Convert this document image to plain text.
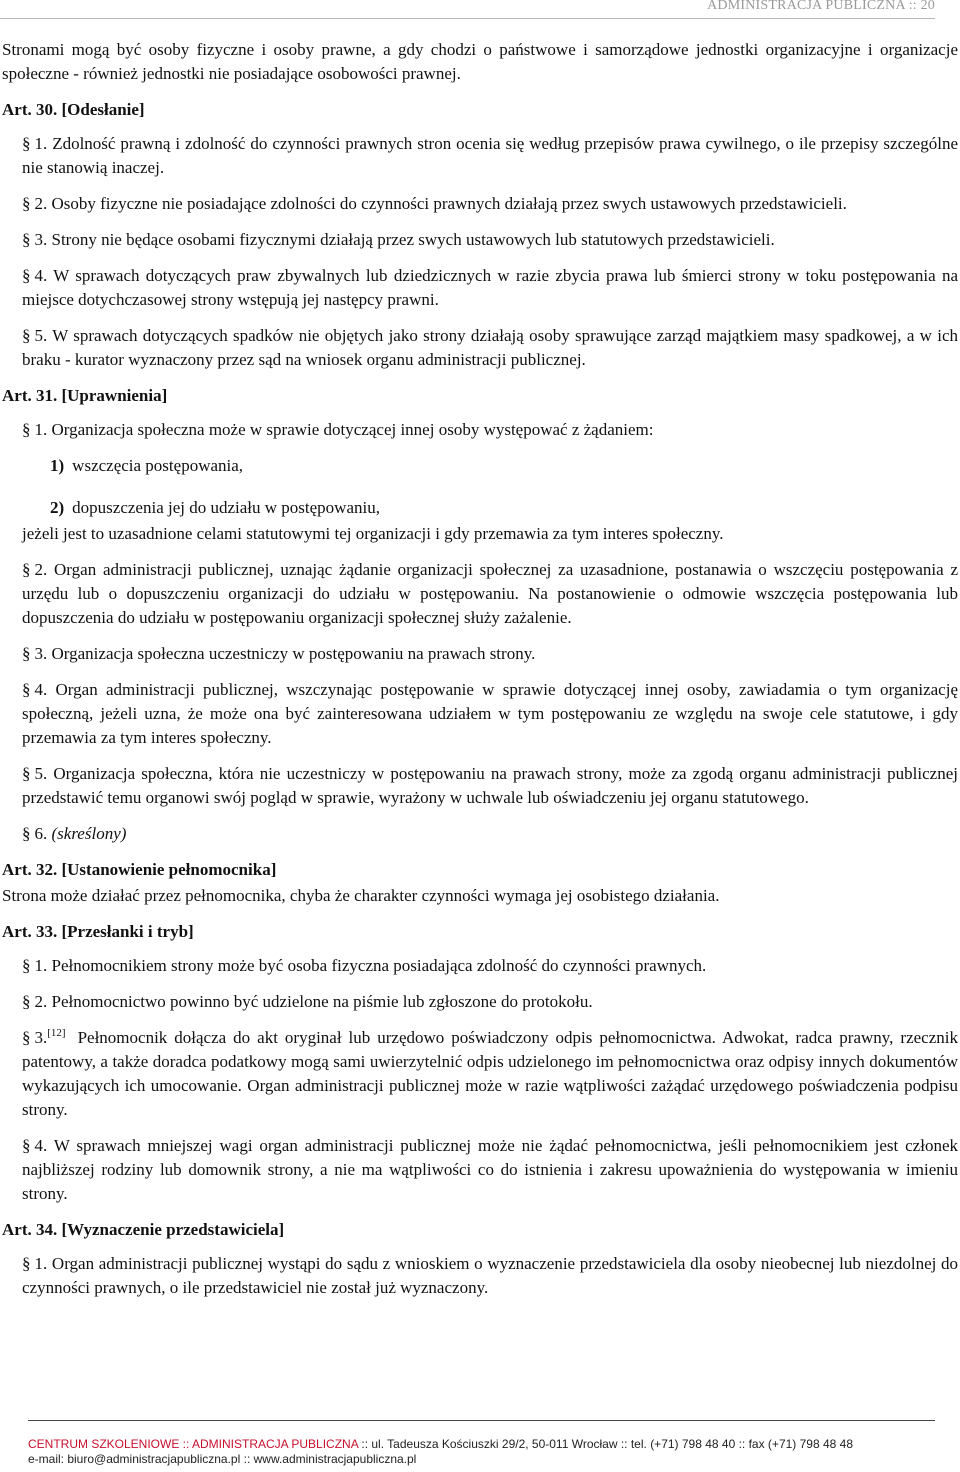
ADMINISTRACJA PUBLICZNA :: 20

Stronami mogą być osoby fizyczne i osoby prawne, a gdy chodzi o państwowe i samorządowe jednostki organizacyjne i organizacje społeczne - również jednostki nie posiadające osobowości prawnej.

Art. 30. [Odesłanie]

§ 1. Zdolność prawną i zdolność do czynności prawnych stron ocenia się według przepisów prawa cywilnego, o ile przepisy szczególne nie stanowią inaczej.

§ 2. Osoby fizyczne nie posiadające zdolności do czynności prawnych działają przez swych ustawowych przedstawicieli.

§ 3. Strony nie będące osobami fizycznymi działają przez swych ustawowych lub statutowych przedstawicieli.

§ 4. W sprawach dotyczących praw zbywalnych lub dziedzicznych w razie zbycia prawa lub śmierci strony w toku postępowania na miejsce dotychczasowej strony wstępują jej następcy prawni.

§ 5. W sprawach dotyczących spadków nie objętych jako strony działają osoby sprawujące zarząd majątkiem masy spadkowej, a w ich braku - kurator wyznaczony przez sąd na wniosek organu administracji publicznej.

Art. 31. [Uprawnienia]

§ 1. Organizacja społeczna może w sprawie dotyczącej innej osoby występować z żądaniem:

1) wszczęcia postępowania,
2) dopuszczenia jej do udziału w postępowaniu,

jeżeli jest to uzasadnione celami statutowymi tej organizacji i gdy przemawia za tym interes społeczny.

§ 2. Organ administracji publicznej, uznając żądanie organizacji społecznej za uzasadnione, postanawia o wszczęciu postępowania z urzędu lub o dopuszczeniu organizacji do udziału w postępowaniu. Na postanowienie o odmowie wszczęcia postępowania lub dopuszczenia do udziału w postępowaniu organizacji społecznej służy zażalenie.

§ 3. Organizacja społeczna uczestniczy w postępowaniu na prawach strony.

§ 4. Organ administracji publicznej, wszczynając postępowanie w sprawie dotyczącej innej osoby, zawiadamia o tym organizację społeczną, jeżeli uzna, że może ona być zainteresowana udziałem w tym postępowaniu ze względu na swoje cele statutowe, i gdy przemawia za tym interes społeczny.

§ 5. Organizacja społeczna, która nie uczestniczy w postępowaniu na prawach strony, może za zgodą organu administracji publicznej przedstawić temu organowi swój pogląd w sprawie, wyrażony w uchwale lub oświadczeniu jej organu statutowego.

§ 6. (skreślony)

Art. 32. [Ustanowienie pełnomocnika]

Strona może działać przez pełnomocnika, chyba że charakter czynności wymaga jej osobistego działania.

Art. 33. [Przesłanki i tryb]

§ 1. Pełnomocnikiem strony może być osoba fizyczna posiadająca zdolność do czynności prawnych.

§ 2. Pełnomocnictwo powinno być udzielone na piśmie lub zgłoszone do protokołu.

§ 3.[12] Pełnomocnik dołącza do akt oryginał lub urzędowo poświadczony odpis pełnomocnictwa. Adwokat, radca prawny, rzecznik patentowy, a także doradca podatkowy mogą sami uwierzytelnić odpis udzielonego im pełnomocnictwa oraz odpisy innych dokumentów wykazujących ich umocowanie. Organ administracji publicznej może w razie wątpliwości zażądać urzędowego poświadczenia podpisu strony.

§ 4. W sprawach mniejszej wagi organ administracji publicznej może nie żądać pełnomocnictwa, jeśli pełnomocnikiem jest członek najbliższej rodziny lub domownik strony, a nie ma wątpliwości co do istnienia i zakresu upoważnienia do występowania w imieniu strony.

Art. 34. [Wyznaczenie przedstawiciela]

§ 1. Organ administracji publicznej wystąpi do sądu z wnioskiem o wyznaczenie przedstawiciela dla osoby nieobecnej lub niezdolnej do czynności prawnych, o ile przedstawiciel nie został już wyznaczony.

CENTRUM SZKOLENIOWE :: ADMINISTRACJA PUBLICZNA :: ul. Tadeusza Kościuszki 29/2, 50-011 Wrocław :: tel. (+71) 798 48 40 :: fax (+71) 798 48 48
e-mail: biuro@administracjapubliczna.pl :: www.administracjapubliczna.pl
